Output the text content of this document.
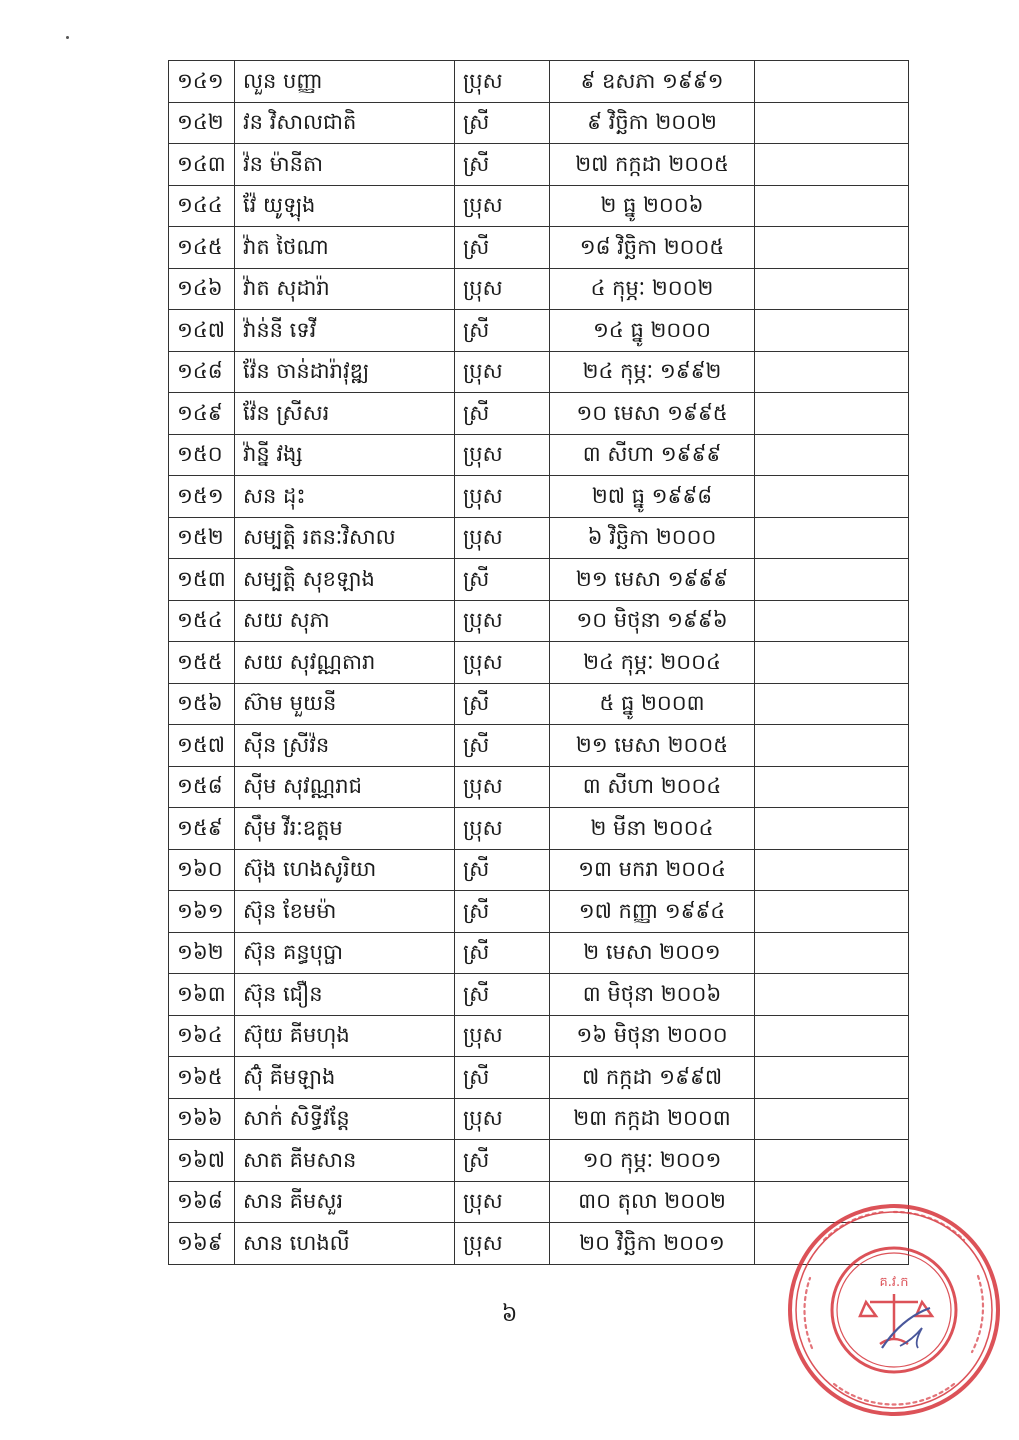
១៤១	លួន បញ្ញា	ប្រុស	៩ ឧសភា ១៩៩១	
១៤២	វន វិសាលជាតិ	ស្រី	៩ វិច្ឆិកា ២០០២	
១៤៣	វ៉ន ម៉ានីតា	ស្រី	២៧ កក្កដា ២០០៥	
១៤៤	វ៉ែ យូឡុង	ប្រុស	២ ធ្នូ ២០០៦	
១៤៥	វ៉ាត ថៃណា	ស្រី	១៨ វិច្ឆិកា ២០០៥	
១៤៦	វ៉ាត សុដារ៉ា	ប្រុស	៤ កុម្ភៈ ២០០២	
១៤៧	វ៉ាន់នី ទេវី	ស្រី	១៤ ធ្នូ ២០០០	
១៤៨	វ៉ែន ចាន់ដារ៉ាវុឌ្ឍ	ប្រុស	២៤ កុម្ភៈ ១៩៩២	
១៤៩	វ៉ែន ស្រីសរ	ស្រី	១០ មេសា ១៩៩៥	
១៥០	វ៉ាន្នី វង្ស	ប្រុស	៣ សីហា ១៩៩៩	
១៥១	សន ដុះ	ប្រុស	២៧ ធ្នូ ១៩៩៨	
១៥២	សម្បត្តិ រតនៈវិសាល	ប្រុស	៦ វិច្ឆិកា ២០០០	
១៥៣	សម្បត្តិ សុខឡាង	ស្រី	២១ មេសា ១៩៩៩	
១៥៤	សយ សុភា	ប្រុស	១០ មិថុនា ១៩៩៦	
១៥៥	សយ សុវណ្ណតារា	ប្រុស	២៤ កុម្ភៈ ២០០៤	
១៥៦	ស៊ាម មួយនី	ស្រី	៥ ធ្នូ ២០០៣	
១៥៧	ស៊ីន ស្រីវ៉ន	ស្រី	២១ មេសា ២០០៥	
១៥៨	ស៊ីម សុវណ្ណរាជ	ប្រុស	៣ សីហា ២០០៤	
១៥៩	ស៊ឹម វីរៈឧត្តម	ប្រុស	២ មីនា ២០០៤	
១៦០	ស៊ុង ហេងសូរិយា	ស្រី	១៣ មករា ២០០៤	
១៦១	ស៊ុន ខែមម៉ា	ស្រី	១៧ កញ្ញា ១៩៩៤	
១៦២	ស៊ុន គន្ធបុប្ផា	ស្រី	២ មេសា ២០០១	
១៦៣	ស៊ុន ជឿន	ស្រី	៣ មិថុនា ២០០៦	
១៦៤	ស៊ុយ គីមហុង	ប្រុស	១៦ មិថុនា ២០០០	
១៦៥	ស៊ុំ គីមឡាង	ស្រី	៧ កក្កដា ១៩៩៧	
១៦៦	សាក់ សិទ្ធីវន្តែ	ប្រុស	២៣ កក្កដា ២០០៣	
១៦៧	សាត គីមសាន	ស្រី	១០ កុម្ភៈ ២០០១	
១៦៨	សាន គីមសួរ	ប្រុស	៣០ តុលា ២០០២	
១៦៩	សាន ហេងលី	ប្រុស	២០ វិច្ឆិកា ២០០១	
៦
គ.វ.ក
